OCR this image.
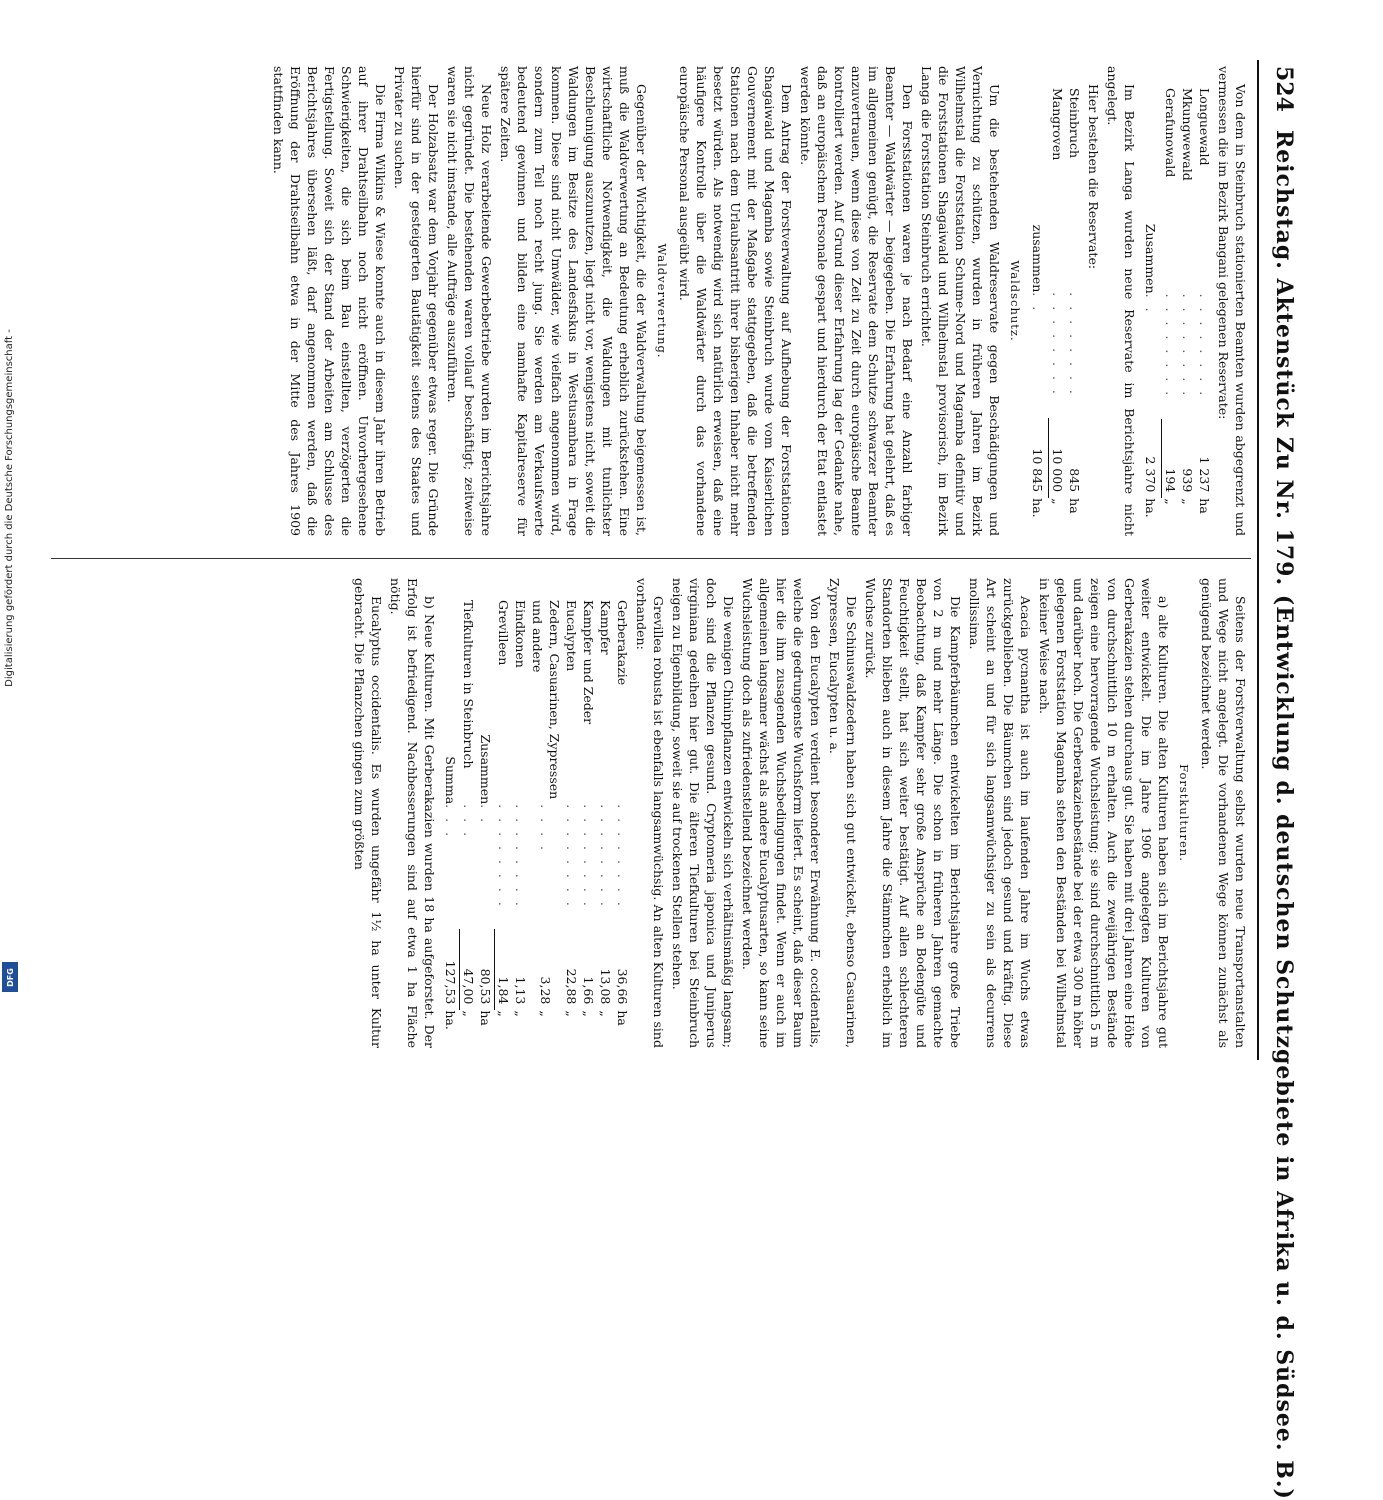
Digitalisierung gefördert durch die Deutsche Forschungsgemeinschaft -
DFG
524
Reichstag. Aktenstück Zu Nr. 179. (Entwicklung d. deutschen Schutzgebiete in Afrika u. d. Südsee. B.)

Von dem in Steinbruch stationierten Beamten wurden abgegrenzt und vermessen die im Bezirk Bangani gelegenen Reservate:

Longuewald	. . . . . . . .	1 237	ha
Mkungwewald	. . . . . . . .	939	„
Gerafunowald	. . . . . . . .	194	„
Zusammen	. .	2 370	ha.

Im Bezirk Langa wurden neue Reservate im Berichtsjahre nicht angelegt.

Hier bestehen die Reservate:

Steinbruch	. . . . . . . .	845	ha
Mangroven	. . . . . . . .	10 000	„
zusammen	. .	10 845	ha.
Waldschutz.

Um die bestehenden Waldreservate gegen Beschädigungen und Vernichtung zu schützen, wurden in früheren Jahren im Bezirk Wilhelmstal die Forststation Schume-Nord und Magamba definitiv und die Forststationen Shagaiwald und Wilhelmstal provisorisch, im Bezirk Langa die Forststation Steinbruch errichtet.

Den Forststationen waren je nach Bedarf eine Anzahl farbiger Beamter — Waldwärter — beigegeben. Die Erfahrung hat gelehrt, daß es im allgemeinen genügt, die Reservate dem Schutze schwarzer Beamter anzuvertrauen, wenn diese von Zeit zu Zeit durch europäische Beamte kontrolliert werden. Auf Grund dieser Erfahrung lag der Gedanke nahe, daß an europäischem Personale gespart und hierdurch der Etat entlastet werden könnte.

Dem Antrag der Forstverwaltung auf Aufhebung der Forststationen Shagaiwald und Magamba sowie Steinbruch wurde vom Kaiserlichen Gouvernement mit der Maßgabe stattgegeben, daß die betreffenden Stationen nach dem Urlaubsantritt ihrer bisherigen Inhaber nicht mehr besetzt würden. Als notwendig wird sich natürlich erweisen, daß eine häufigere Kontrolle über die Waldwärter durch das vorhandene europäische Personal ausgeübt wird.

Waldverwertung.

Gegenüber der Wichtigkeit, die der Waldverwaltung beigemessen ist, muß die Waldverwertung an Bedeutung erheblich zurückstehen. Eine wirtschaftliche Notwendigkeit, die Waldungen mit tunlichster Beschleunigung auszunutzen, liegt nicht vor, wenigstens nicht, soweit die Waldungen im Besitze des Landesfiskus in Westusambara in Frage kommen. Diese sind nicht Umwälder, wie vielfach angenommen wird, sondern zum Teil noch recht jung. Sie werden am Verkaufswerte bedeutend gewinnen und bilden eine namhafte Kapitalreserve für spätere Zeiten.

Neue Holz verarbeitende Gewerbebetriebe wurden im Berichtsjahre nicht gegründet. Die bestehenden waren vollauf beschäftigt; zeitweise waren sie nicht imstande, alle Aufträge auszuführen.

Der Holzabsatz war dem Vorjahr gegenüber etwas reger. Die Gründe hierfür sind in der gesteigerten Bautätigkeit seitens des Staates und Privater zu suchen.

Die Firma Wilkins & Wiese konnte auch in diesem Jahr ihren Betrieb auf ihrer Drahtseilbahn noch nicht eröffnen. Unvorhergesehene Schwierigkeiten, die sich beim Bau einstellten, verzögerten die Fertigstellung. Soweit sich der Stand der Arbeiten am Schlusse des Berichtsjahres übersehen läßt, darf angenommen werden, daß die Eröffnung der Drahtseilbahn etwa in der Mitte des Jahres 1909 stattfinden kann.

Seitens der Forstverwaltung selbst wurden neue Transportanstalten und Wege nicht angelegt. Die vorhandenen Wege können zunächst als genügend bezeichnet werden.

Forstkulturen.

a) alte Kulturen. Die alten Kulturen haben sich im Berichtsjahre gut weiter entwickelt. Die im Jahre 1906 angelegten Kulturen von Gerberakazien stehen durchaus gut. Sie haben mit drei Jahren eine Höhe von durchschnittlich 10 m erhalten. Auch die zweijährigen Bestände zeigen eine hervorragende Wuchsleistung; sie sind durchschnittlich 5 m und darüber hoch. Die Gerberakazienbestände bei der etwa 300 m höher gelegenen Forststation Magamba stehen den Beständen bei Wilhelmstal in keiner Weise nach.

Acacia pycnantha ist auch im laufenden Jahre im Wuchs etwas zurückgeblieben. Die Bäumchen sind jedoch gesund und kräftig. Diese Art scheint an und für sich langsamwüchsiger zu sein als decurrens mollissima.

Die Kampferbäumchen entwickelten im Berichtsjahre große Triebe von 2 m und mehr Länge. Die schon in früheren Jahren gemachte Beobachtung, daß Kampfer sehr große Ansprüche an Bodengüte und Feuchtigkeit stellt, hat sich weiter bestätigt. Auf allen schlechteren Standorten blieben auch in diesem Jahre die Stämmchen erheblich im Wuchse zurück.

Die Schinuswaldzedern haben sich gut entwickelt, ebenso Casuarinen, Zypressen, Eucalypten u. a.

Von den Eucalypten verdient besonderer Erwähnung E. occidentalis, welche die gedrungenste Wuchsform liefert. Es scheint, daß dieser Baum hier die ihm zusagenden Wuchsbedingungen findet. Wenn er auch im allgemeinen langsamer wächst als andere Eucalyptusarten, so kann seine Wuchsleistung doch als zufriedenstellend bezeichnet werden.

Die wenigen Chininpflanzen entwickeln sich verhältnismäßig langsam; doch sind die Pflanzen gesund. Cryptomeria japonica und Juniperus virginiana gedeihen hier gut. Die älteren Tiefkulturen bei Steinbruch neigen zu Eigenbildung, soweit sie auf trockenen Stellen stehen.

Grevillea robusta ist ebenfalls langsamwüchsig. An alten Kulturen sind vorhanden:

Gerberakazie	. . . . . . . .	36,66	ha
Kampfer	. . . . . . . .	13,08	„
Kampfer und Zeder	. . . . . . . .	1,66	„
Eucalypten	. . . . . . . .	22,88	„
Zedern, Casuarinen, Zypressen und andere	. . . .	3,28	„
Eindkonen	. . . . . . . .	1,13	„
Grevilleen	. . . . . . . .	1,84	„
Zusammen	. .	80,53	ha
Tiefkulturen in Steinbruch	. . .	47,00	„
Summa	. . .	127,53	ha.

b) Neue Kulturen. Mit Gerberakazien wurden 18 ha aufgeforstet. Der Erfolg ist befriedigend. Nachbesserungen sind auf etwa 1 ha Fläche nötig.

Eucalyptus occidentalis. Es wurden ungefähr 1½ ha unter Kultur gebracht. Die Pflanzchen gingen zum größten
